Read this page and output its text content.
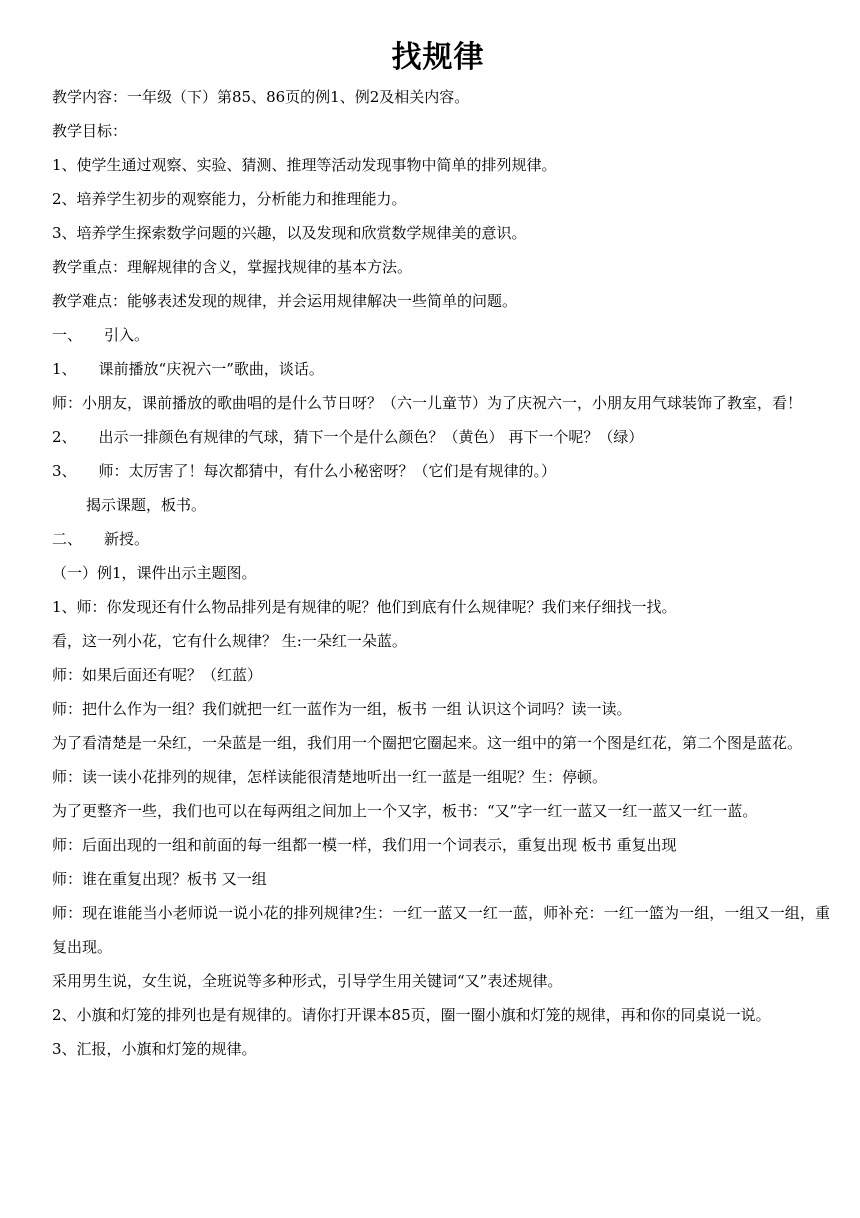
找规律

教学内容：一年级（下）第85、86页的例1、例2及相关内容。

教学目标：

1、使学生通过观察、实验、猜测、推理等活动发现事物中简单的排列规律。

2、培养学生初步的观察能力，分析能力和推理能力。

3、培养学生探索数学问题的兴趣，以及发现和欣赏数学规律美的意识。

教学重点：理解规律的含义，掌握找规律的基本方法。

教学难点：能够表述发现的规律，并会运用规律解决一些简单的问题。

一、 引入。

1、 课前播放“庆祝六一”歌曲，谈话。

师：小朋友，课前播放的歌曲唱的是什么节日呀？（六一儿童节）为了庆祝六一，小朋友用气球装饰了教室，看！

2、 出示一排颜色有规律的气球，猜下一个是什么颜色？（黄色） 再下一个呢？（绿）

3、 师：太厉害了！每次都猜中，有什么小秘密呀？（它们是有规律的。）

揭示课题，板书。

二、 新授。

（一）例1，课件出示主题图。

1、师：你发现还有什么物品排列是有规律的呢？他们到底有什么规律呢？我们来仔细找一找。

看，这一列小花，它有什么规律？ 生:一朵红一朵蓝。

师：如果后面还有呢？（红蓝）

师：把什么作为一组？我们就把一红一蓝作为一组，板书 一组 认识这个词吗？读一读。

为了看清楚是一朵红，一朵蓝是一组，我们用一个圈把它圈起来。这一组中的第一个图是红花，第二个图是蓝花。

师：读一读小花排列的规律，怎样读能很清楚地听出一红一蓝是一组呢？生：停顿。

为了更整齐一些，我们也可以在每两组之间加上一个又字，板书：“又”字一红一蓝又一红一蓝又一红一蓝。

师：后面出现的一组和前面的每一组都一模一样，我们用一个词表示，重复出现 板书 重复出现

师：谁在重复出现？板书 又一组

师：现在谁能当小老师说一说小花的排列规律?生：一红一蓝又一红一蓝，师补充：一红一篮为一组，一组又一组，重复出现。

采用男生说，女生说，全班说等多种形式，引导学生用关键词“又”表述规律。

2、小旗和灯笼的排列也是有规律的。请你打开课本85页，圈一圈小旗和灯笼的规律，再和你的同桌说一说。

3、汇报，小旗和灯笼的规律。
